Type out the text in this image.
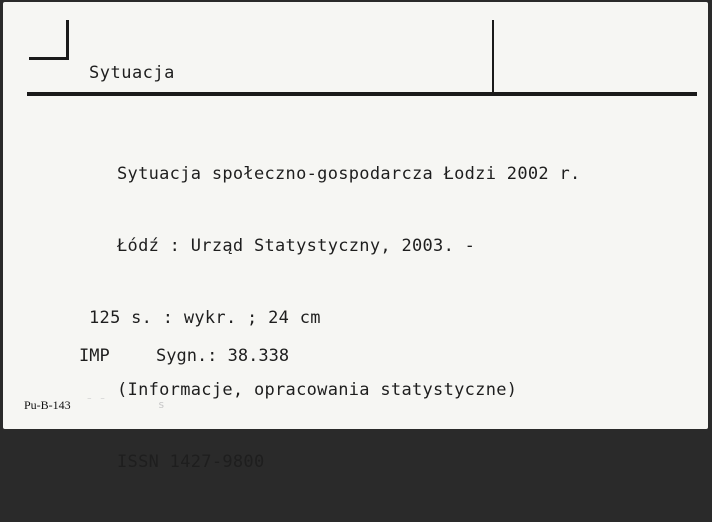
Sytuacja

Sytuacja społeczno-gospodarcza Łodzi 2002 r.

Łódź : Urząd Statystyczny, 2003. -

125 s. : wykr. ; 24 cm

(Informacje, opracowania statystyczne)

ISSN 1427-9800

IMP	Sygn.: 38.338
Pu-B-143 ⁻ ⁻	s
